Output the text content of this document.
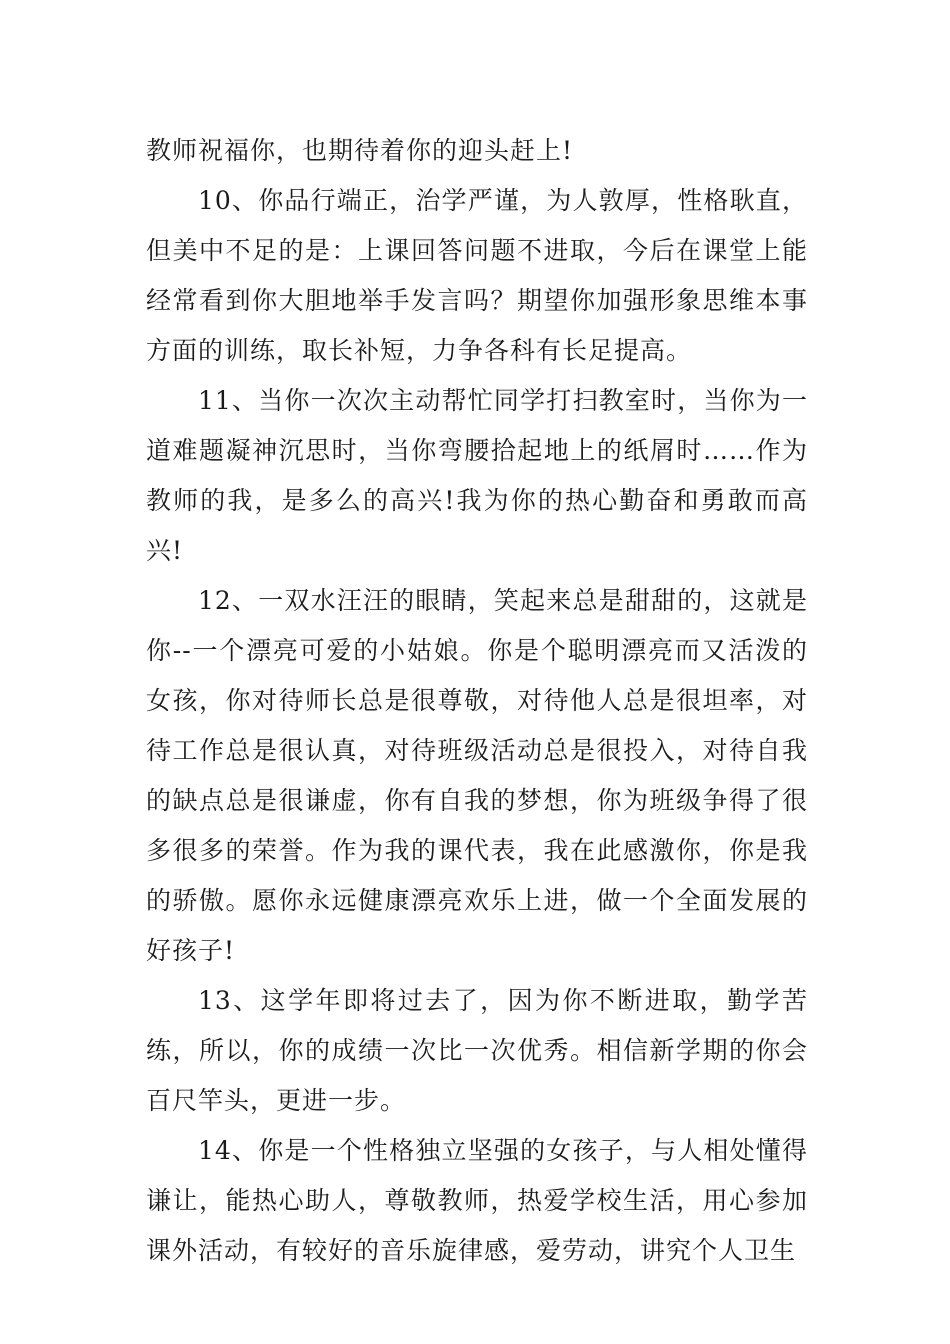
教师祝福你，也期待着你的迎头赶上!

10、你品行端正，治学严谨，为人敦厚，性格耿直，但美中不足的是：上课回答问题不进取，今后在课堂上能经常看到你大胆地举手发言吗？期望你加强形象思维本事方面的训练，取长补短，力争各科有长足提高。

11、当你一次次主动帮忙同学打扫教室时，当你为一道难题凝神沉思时，当你弯腰拾起地上的纸屑时……作为教师的我，是多么的高兴!我为你的热心勤奋和勇敢而高兴!

12、一双水汪汪的眼睛，笑起来总是甜甜的，这就是你--一个漂亮可爱的小姑娘。你是个聪明漂亮而又活泼的女孩，你对待师长总是很尊敬，对待他人总是很坦率，对待工作总是很认真，对待班级活动总是很投入，对待自我的缺点总是很谦虚，你有自我的梦想，你为班级争得了很多很多的荣誉。作为我的课代表，我在此感激你，你是我的骄傲。愿你永远健康漂亮欢乐上进，做一个全面发展的好孩子!

13、这学年即将过去了，因为你不断进取，勤学苦练，所以，你的成绩一次比一次优秀。相信新学期的你会百尺竿头，更进一步。

14、你是一个性格独立坚强的女孩子，与人相处懂得谦让，能热心助人，尊敬教师，热爱学校生活，用心参加课外活动，有较好的音乐旋律感，爱劳动，讲究个人卫生
